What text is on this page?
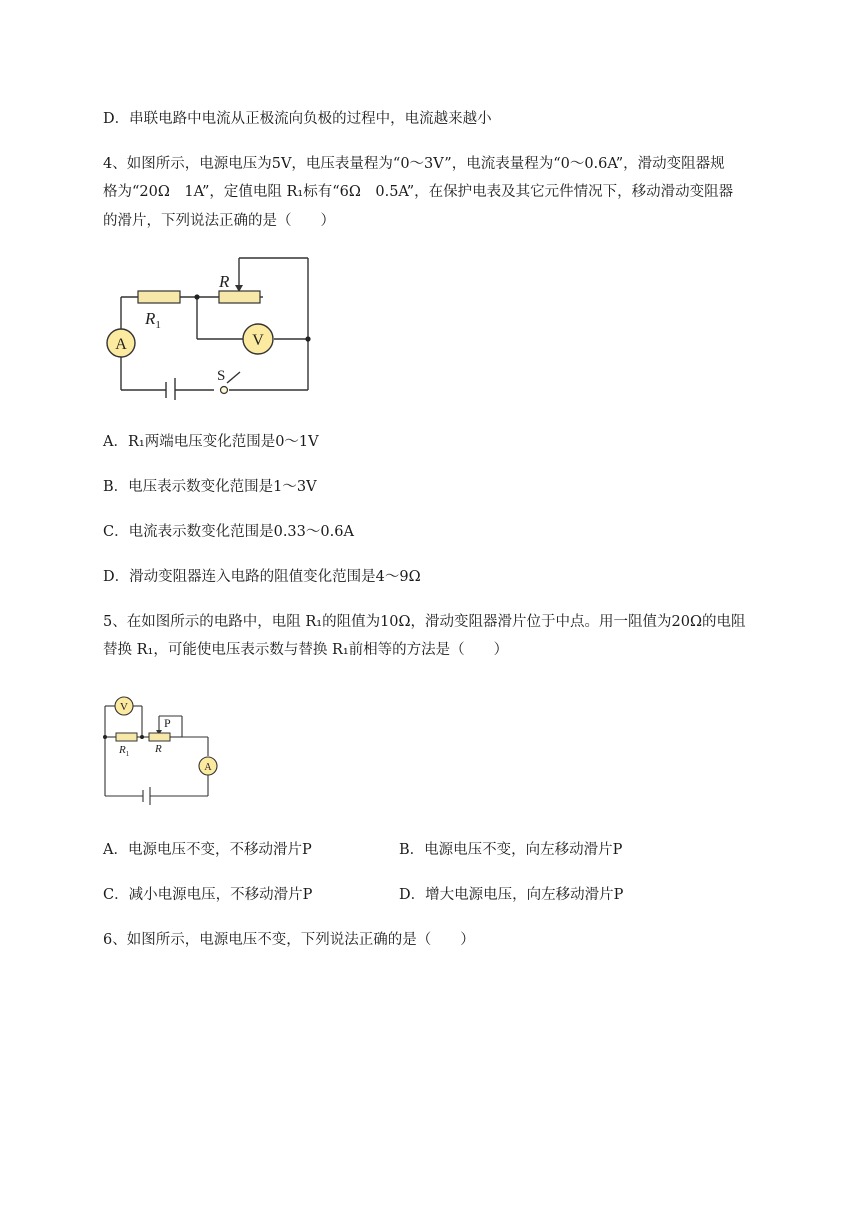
D．串联电路中电流从正极流向负极的过程中，电流越来越小
4、如图所示，电源电压为5V，电压表量程为“0～3V”，电流表量程为“0～0.6A”，滑动变阻器规
格为“20Ω　1A”，定值电阻 R₁标有“6Ω　0.5A”，在保护电表及其它元件情况下，移动滑动变阻器
的滑片，下列说法正确的是（　　）
R
$R_1$
A	V
S
A．R₁两端电压变化范围是0～1V
B．电压表示数变化范围是1～3V
C．电流表示数变化范围是0.33～0.6A
D．滑动变阻器连入电路的阻值变化范围是4～9Ω
5、在如图所示的电路中，电阻 R₁的阻值为10Ω，滑动变阻器滑片位于中点。用一阻值为20Ω的电阻
替换 R₁，可能使电压表示数与替换 R₁前相等的方法是（　　）
V
P
$R_1$ R
A
A．电源电压不变，不移动滑片P	B．电源电压不变，向左移动滑片P
C．减小电源电压，不移动滑片P	D．增大电源电压，向左移动滑片P
6、如图所示，电源电压不变，下列说法正确的是（　　）
